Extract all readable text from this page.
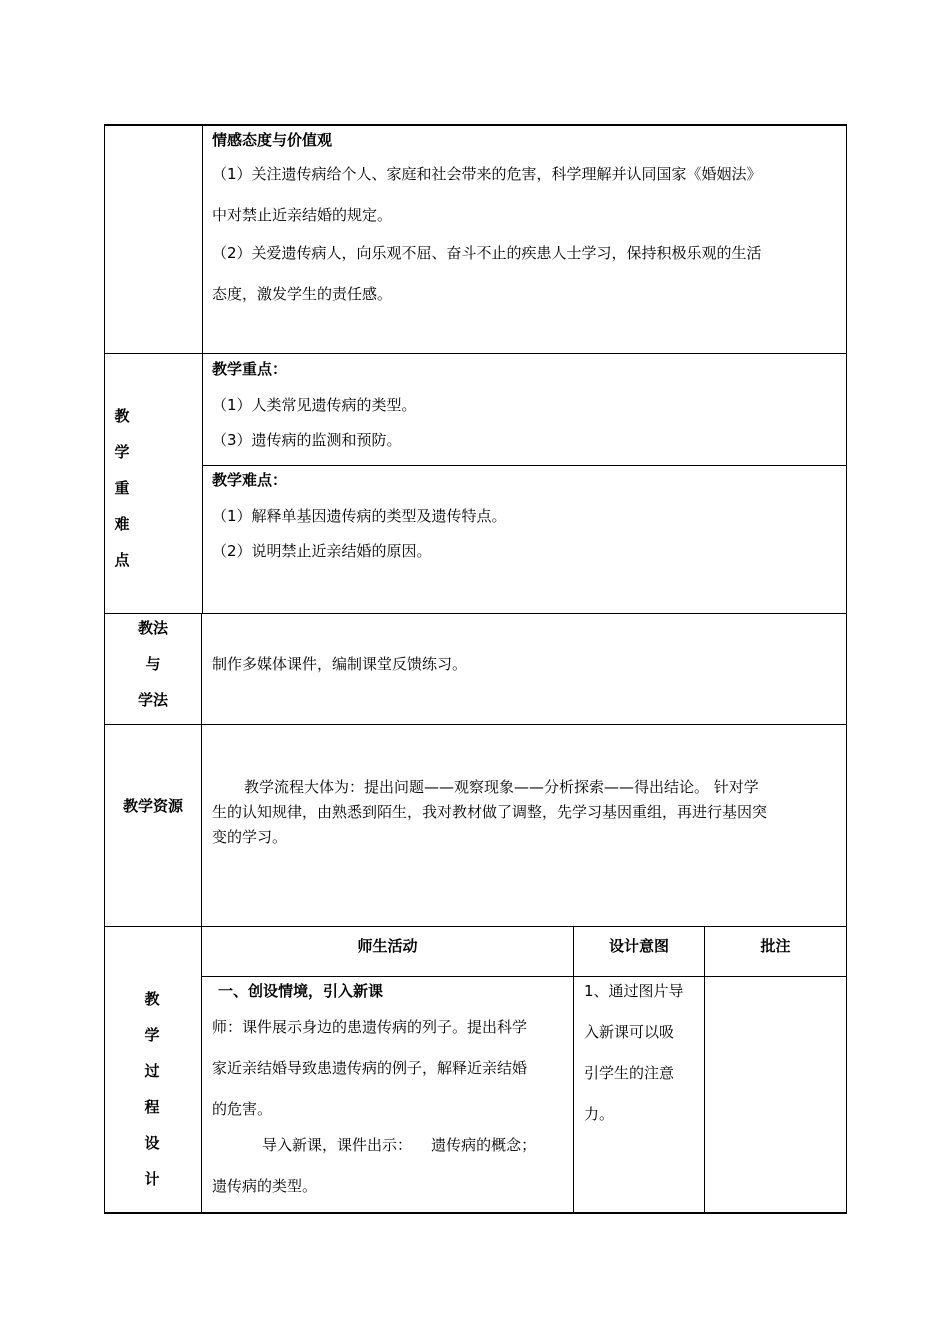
情感态度与价值观
（1）关注遗传病给个人、家庭和社会带来的危害，科学理解并认同国家《婚姻法》
中对禁止近亲结婚的规定。
（2）关爱遗传病人，向乐观不屈、奋斗不止的疾患人士学习，保持积极乐观的生活
态度，激发学生的责任感。
教
学
重
难
点
教学重点：
（1）人类常见遗传病的类型。
（3）遗传病的监测和预防。
教学难点：
（1）解释单基因遗传病的类型及遗传特点。
（2）说明禁止近亲结婚的原因。
教法
与
学法
制作多媒体课件，编制课堂反馈练习。
教学资源
教学流程大体为：提出问题——观察现象——分析探索——得出结论。 针对学
生的认知规律，由熟悉到陌生，我对教材做了调整，先学习基因重组，再进行基因突
变的学习。
教
学
过
程
设
计
师生活动	设计意图	批注
一、创设情境，引入新课
师：课件展示身边的患遗传病的列子。提出科学
家近亲结婚导致患遗传病的例子，解释近亲结婚
的危害。
导入新课，课件出示：    遗传病的概念；
遗传病的类型。
1、通过图片导
入新课可以吸
引学生的注意
力。
